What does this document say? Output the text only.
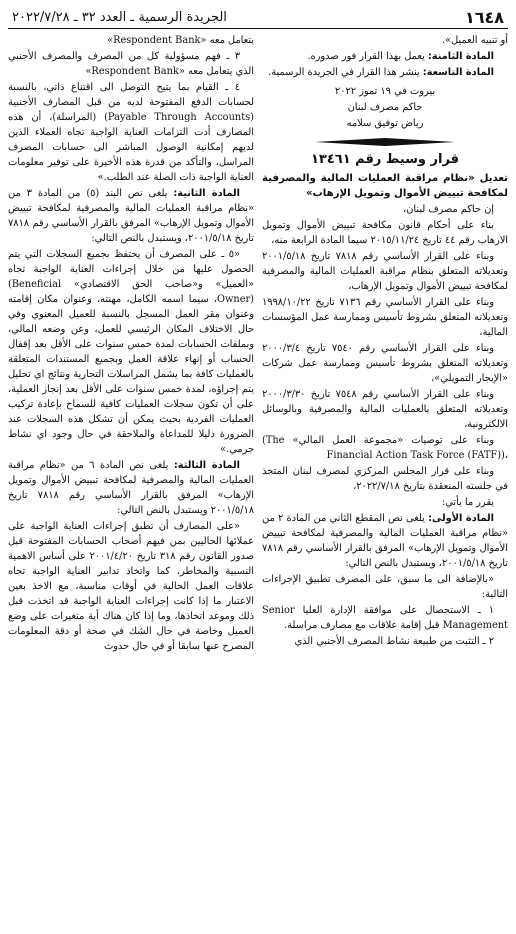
١٦٤٨
الجريدة الرسمية ـ العدد ٣٢ ـ ٢٠٢٢/٧/٢٨

أو تنبيه العميل».

المادة الثامنة: يعمل بهذا القرار فور صدوره.

المادة التاسعة: ينشر هذا القرار في الجريدة الرسمية.

بيروت في ١٩ تموز ٢٠٢٢
حاكم مصرف لبنان
رياض توفيق سلامه
قرار وسيط رقم ١٣٤٦١

تعديل «نظام مراقبة العمليات المالية والمصرفية لمكافحة تبييض الأموال وتمويل الإرهاب»

إن حاكم مصرف لبنان،

بناء على أحكام قانون مكافحة تبييض الأموال وتمويل الارهاب رقم ٤٤ تاريخ ٢٠١٥/١١/٢٤ سيما المادة الرابعة منه،

وبناء على القرار الأساسي رقم ٧٨١٨ تاريخ ٢٠٠١/٥/١٨ وتعديلاته المتعلق بنظام مراقبة العمليات المالية والمصرفية لمكافحة تبييض الأموال وتمويل الإرهاب،

وبناء على القرار الأساسي رقم ٧١٣٦ تاريخ ١٩٩٨/١٠/٢٢ وتعديلاته المتعلق بشروط تأسيس وممارسة عمل المؤسسات المالية،

وبناء على القرار الأساسي رقم ٧٥٤٠ تاريخ ٢٠٠٠/٣/٤ وتعديلاته المتعلق بشروط تأسيس وممارسة عمل شركات «الإيجار التمويلي»،

وبناء على القرار الأساسي رقم ٧٥٤٨ تاريخ ٢٠٠٠/٣/٣٠ وتعديلاته المتعلق بالعمليات المالية والمصرفية وبالوسائل الالكترونية،

وبناء على توصيات «مجموعة العمل المالي» (The Financial Action Task Force (FATF))،

وبناء على قرار المجلس المركزي لمصرف لبنان المتخذ في جلسته المنعقدة بتاريخ ٢٠٢٢/٧/١٨،

يقرر ما يأتي:

المادة الأولى: يلغى نص المقطع الثاني من المادة ٢ من «نظام مراقبة العمليات المالية والمصرفية لمكافحة تبييض الأموال وتمويل الإرهاب» المرفق بالقرار الأساسي رقم ٧٨١٨ تاريخ ٢٠٠١/٥/١٨، ويستبدل بالنص التالي:

«بالإضافة الى ما سبق، على المصرف تطبيق الإجراءات التالية:

١ ـ الاستحصال على موافقة الإدارة العليا Senior Management قبل إقامة علاقات مع مصارف مراسلة.

٢ ـ التثبت من طبيعة نشاط المصرف الأجنبي الذي

يتعامل معه «Respondent Bank»

٣ ـ فهم مسؤولية كل من المصرف والمصرف الأجنبي الذي يتعامل معه «Respondent Bank»

٤ ـ القيام بما يتيح التوصل الى اقتناع ذاتي، بالنسبة لحسابات الدفع المفتوحة لديه من قبل المصارف الأجنبية (Payable Through Accounts) (المراسلة)، أن هذه المصارف أدت التزامات العناية الواجبة تجاه العملاء الذين لديهم إمكانية الوصول المباشر الى حسابات المصرف المراسل، والتأكد من قدرة هذه الأخيرة على توفير معلومات العناية الواجبة ذات الصلة عند الطلب.»

المادة الثانية: يلغى نص البند (٥) من المادة ٣ من «نظام مراقبة العمليات المالية والمصرفية لمكافحة تبييض الأموال وتمويل الإرهاب» المرفق بالقرار الأساسي رقم ٧٨١٨ تاريخ ٢٠٠١/٥/١٨، ويستبدل بالنص التالي:

«٥ ـ على المصرف أن يحتفظ بجميع السجلات التي يتم الحصول عليها من خلال إجراءات العناية الواجبة تجاه «العميل» و«صاحب الحق الاقتصادي» (Beneficial Owner)، سيما اسمه الكامل، مهنته، وعنوان مكان إقامته وعنوان مقر العمل المسجل بالنسبة للعميل المعنوي وفي حال الاختلاف المكان الرئيسي للعمل، وعن وضعه المالي، وبملفات الحسابات لمدة خمس سنوات على الأقل بعد إقفال الحساب أو إنهاء علاقة العمل وبجميع المستندات المتعلقة بالعمليات كافة بما يشمل المراسلات التجارية ونتائج اي تحليل يتم إجراؤه، لمدة خمس سنوات على الأقل بعد إنجاز العملية، على أن تكون سجلات العمليات كافية للسماح بإعادة تركيب العمليات الفردية بحيث يمكن أن تشكل هذه السجلات عند الضرورة دليلا للمداعاة والملاحقة في حال وجود اي نشاط جرمي.»

المادة الثالثة: يلغى نص المادة ٦ من «نظام مراقبة العمليات المالية والمصرفية لمكافحة تبييض الأموال وتمويل الإرهاب» المرفق بالقرار الأساسي رقم ٧٨١٨ تاريخ ٢٠٠١/٥/١٨ ويستبدل بالنص التالي:

«على المصارف أن تطبق إجراءات العناية الواجبة على عملائها الحاليين بمن فيهم أصحاب الحسابات المفتوحة قبل صدور القانون رقم ٣١٨ تاريخ ٢٠٠١/٤/٢٠ على أساس الاهمية النسبية والمخاطر، كما واتخاذ تدابير العناية الواجبة تجاه علاقات العمل الحالية في أوقات مناسبة، مع الاخذ بعين الاعتبار ما إذا كانت إجراءات العناية الواجبة قد اتخذت قبل ذلك وموعد اتخاذها، وما إذا كان هناك أية متغيرات على وضع العميل وخاصة في حال الشك في صحة أو دقة المعلومات المصرح عنها سابقا أو في حال حدوث
